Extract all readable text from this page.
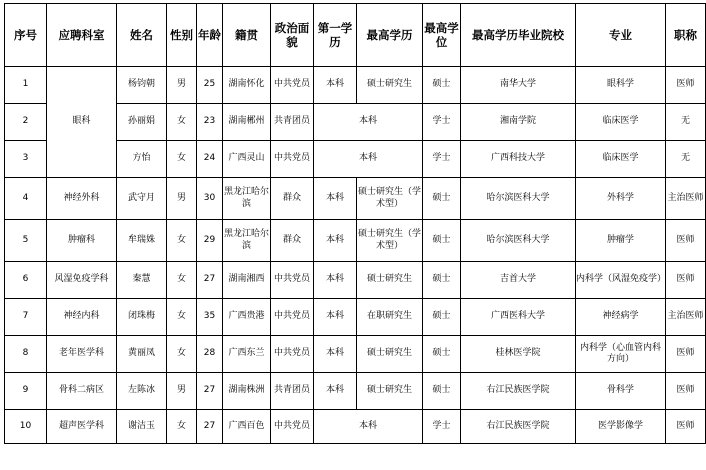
序号	应聘科室	姓名	性别	年龄	籍贯	政治面貌	第一学历	最高学历	最高学位	最高学历毕业院校	专业	职称
1	眼科	杨钧朝	男	25	湖南怀化	中共党员	本科	硕士研究生	硕士	南华大学	眼科学	医师
2		孙丽娟	女	23	湖南郴州	共青团员	本科		学士	湘南学院	临床医学	无
3		方怡	女	24	广西灵山	中共党员	本科		学士	广西科技大学	临床医学	无
4	神经外科	武守月	男	30	黑龙江哈尔滨	群众	本科	硕士研究生（学术型）	硕士	哈尔滨医科大学	外科学	主治医师
5	肿瘤科	牟瑞姝	女	29	黑龙江哈尔滨	群众	本科	硕士研究生（学术型）	硕士	哈尔滨医科大学	肿瘤学	医师
6	风湿免疫学科	秦慧	女	27	湖南湘西	中共党员	本科	硕士研究生	硕士	吉首大学	内科学（风湿免疫学）	医师
7	神经内科	闭珠梅	女	35	广西贵港	中共党员	本科	在职研究生	硕士	广西医科大学	神经病学	主治医师
8	老年医学科	黄丽凤	女	28	广西东兰	中共党员	本科	硕士研究生	硕士	桂林医学院	内科学（心血管内科方向）	医师
9	骨科二病区	左陈冰	男	27	湖南株洲	共青团员	本科	硕士研究生	硕士	右江民族医学院	骨科学	医师
10	超声医学科	谢洁玉	女	27	广西百色	中共党员	本科		学士	右江民族医学院	医学影像学	医师
